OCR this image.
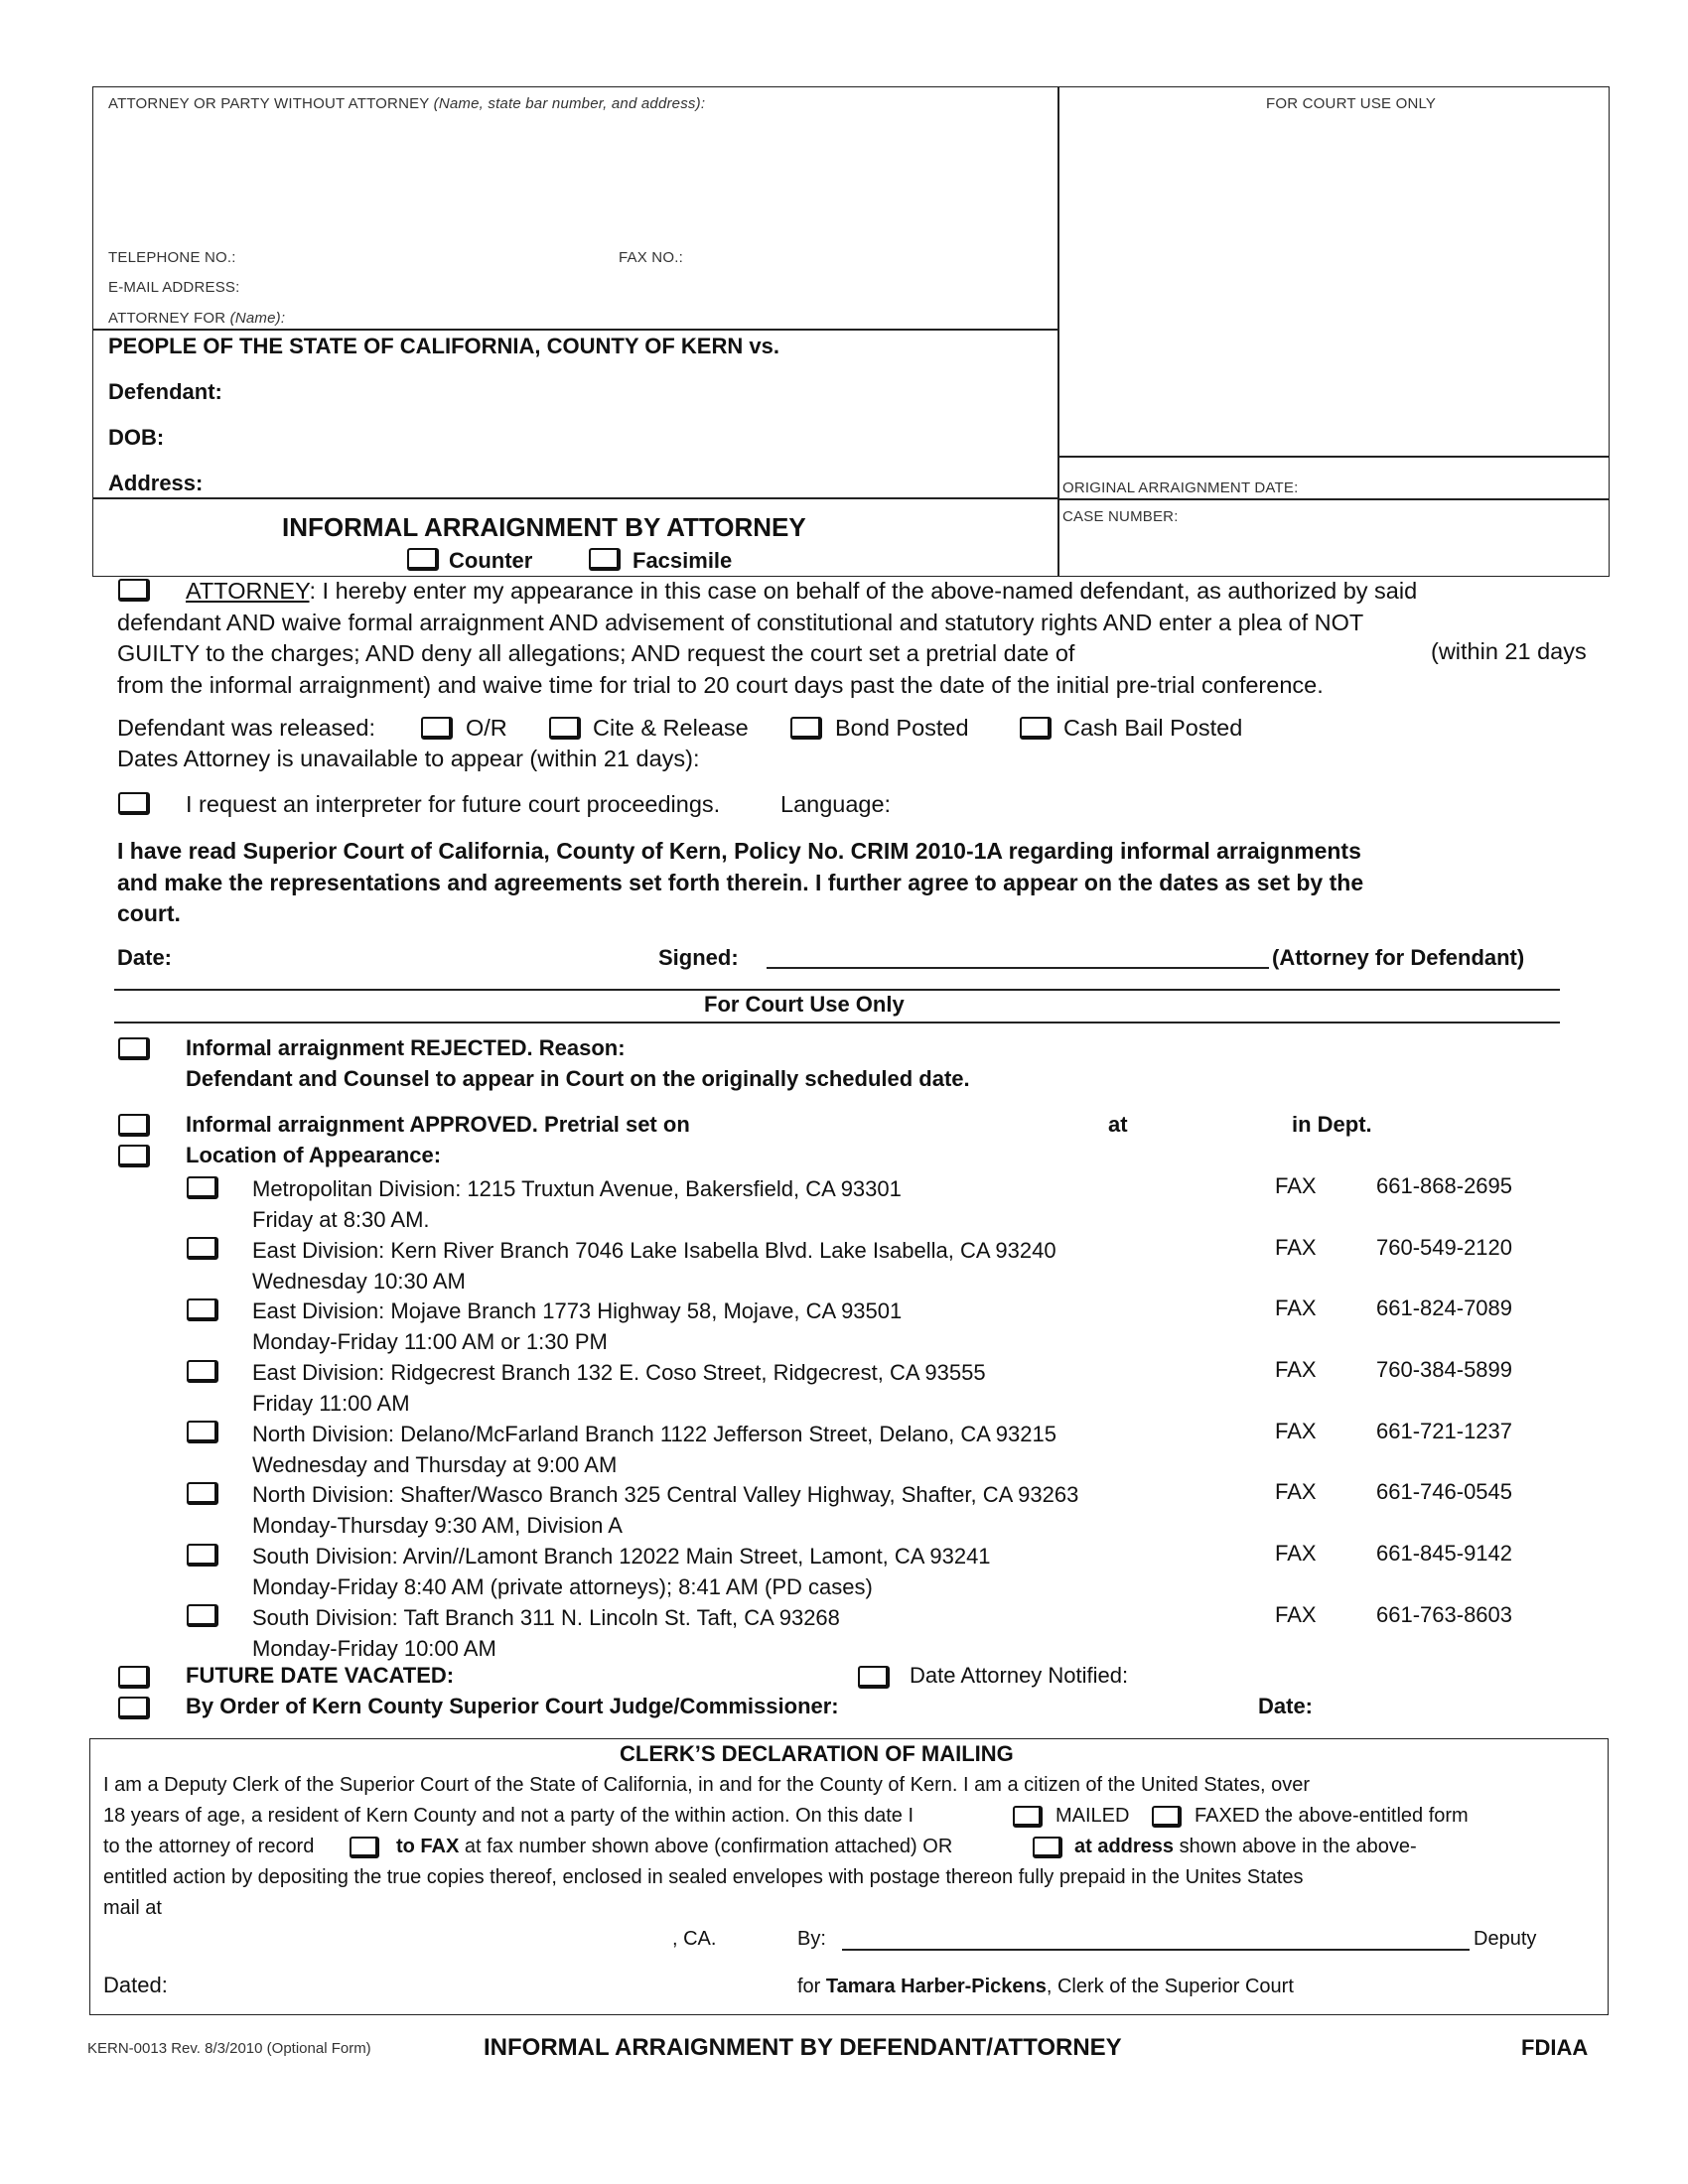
ATTORNEY OR PARTY WITHOUT ATTORNEY (Name, state bar number, and address):	FOR COURT USE ONLY
TELEPHONE NO.:	FAX NO.:
E-MAIL ADDRESS:
ATTORNEY FOR (Name):
PEOPLE OF THE STATE OF CALIFORNIA, COUNTY OF KERN vs.
Defendant:
DOB:
Address:	ORIGINAL ARRAIGNMENT DATE:
CASE NUMBER:
INFORMAL ARRAIGNMENT BY ATTORNEY
Counter	Facsimile
ATTORNEY: I hereby enter my appearance in this case on behalf of the above-named defendant, as authorized by said
defendant AND waive formal arraignment AND advisement of constitutional and statutory rights AND enter a plea of NOT
GUILTY to the charges; AND deny all allegations; AND request the court set a pretrial date of
from the informal arraignment) and waive time for trial to 20 court days past the date of the initial pre-trial conference.
(within 21 days
Defendant was released:	O/R	Cite & Release	Bond Posted	Cash Bail Posted
Dates Attorney is unavailable to appear (within 21 days):
I request an interpreter for future court proceedings.	Language:
I have read Superior Court of California, County of Kern, Policy No. CRIM 2010-1A regarding informal arraignments
and make the representations and agreements set forth therein. I further agree to appear on the dates as set by the
court.
Date:	Signed:	(Attorney for Defendant)
For Court Use Only
Informal arraignment REJECTED. Reason:
Defendant and Counsel to appear in Court on the originally scheduled date.
Informal arraignment APPROVED. Pretrial set on	at	in Dept.
Location of Appearance:
Metropolitan Division: 1215 Truxtun Avenue, Bakersfield, CA 93301
Friday at 8:30 AM.
FAX	661-868-2695
East Division: Kern River Branch 7046 Lake Isabella Blvd. Lake Isabella, CA 93240
Wednesday 10:30 AM
FAX	760-549-2120
East Division: Mojave Branch 1773 Highway 58, Mojave, CA 93501
Monday-Friday 11:00 AM or 1:30 PM
FAX	661-824-7089
East Division: Ridgecrest Branch 132 E. Coso Street, Ridgecrest, CA 93555
Friday 11:00 AM
FAX	760-384-5899
North Division: Delano/McFarland Branch 1122 Jefferson Street, Delano, CA 93215
Wednesday and Thursday at 9:00 AM
FAX	661-721-1237
North Division: Shafter/Wasco Branch 325 Central Valley Highway, Shafter, CA 93263
Monday-Thursday 9:30 AM, Division A
FAX	661-746-0545
South Division: Arvin//Lamont Branch 12022 Main Street, Lamont, CA 93241
Monday-Friday 8:40 AM (private attorneys); 8:41 AM (PD cases)
FAX	661-845-9142
South Division: Taft Branch 311 N. Lincoln St. Taft, CA 93268
Monday-Friday 10:00 AM
FAX	661-763-8603
FUTURE DATE VACATED:	Date Attorney Notified:
By Order of Kern County Superior Court Judge/Commissioner:	Date:
CLERK’S DECLARATION OF MAILING
I am a Deputy Clerk of the Superior Court of the State of California, in and for the County of Kern. I am a citizen of the United States, over
18 years of age, a resident of Kern County and not a party of the within action. On this date I	MAILED	FAXED the above-entitled form
to the attorney of record	to FAX at fax number shown above (confirmation attached) OR	at address shown above in the above-
entitled action by depositing the true copies thereof, enclosed in sealed envelopes with postage thereon fully prepaid in the Unites States
mail at
, CA.	By:	Deputy
Dated:	for Tamara Harber-Pickens, Clerk of the Superior Court
KERN-0013 Rev. 8/3/2010 (Optional Form)	INFORMAL ARRAIGNMENT BY DEFENDANT/ATTORNEY	FDIAA
